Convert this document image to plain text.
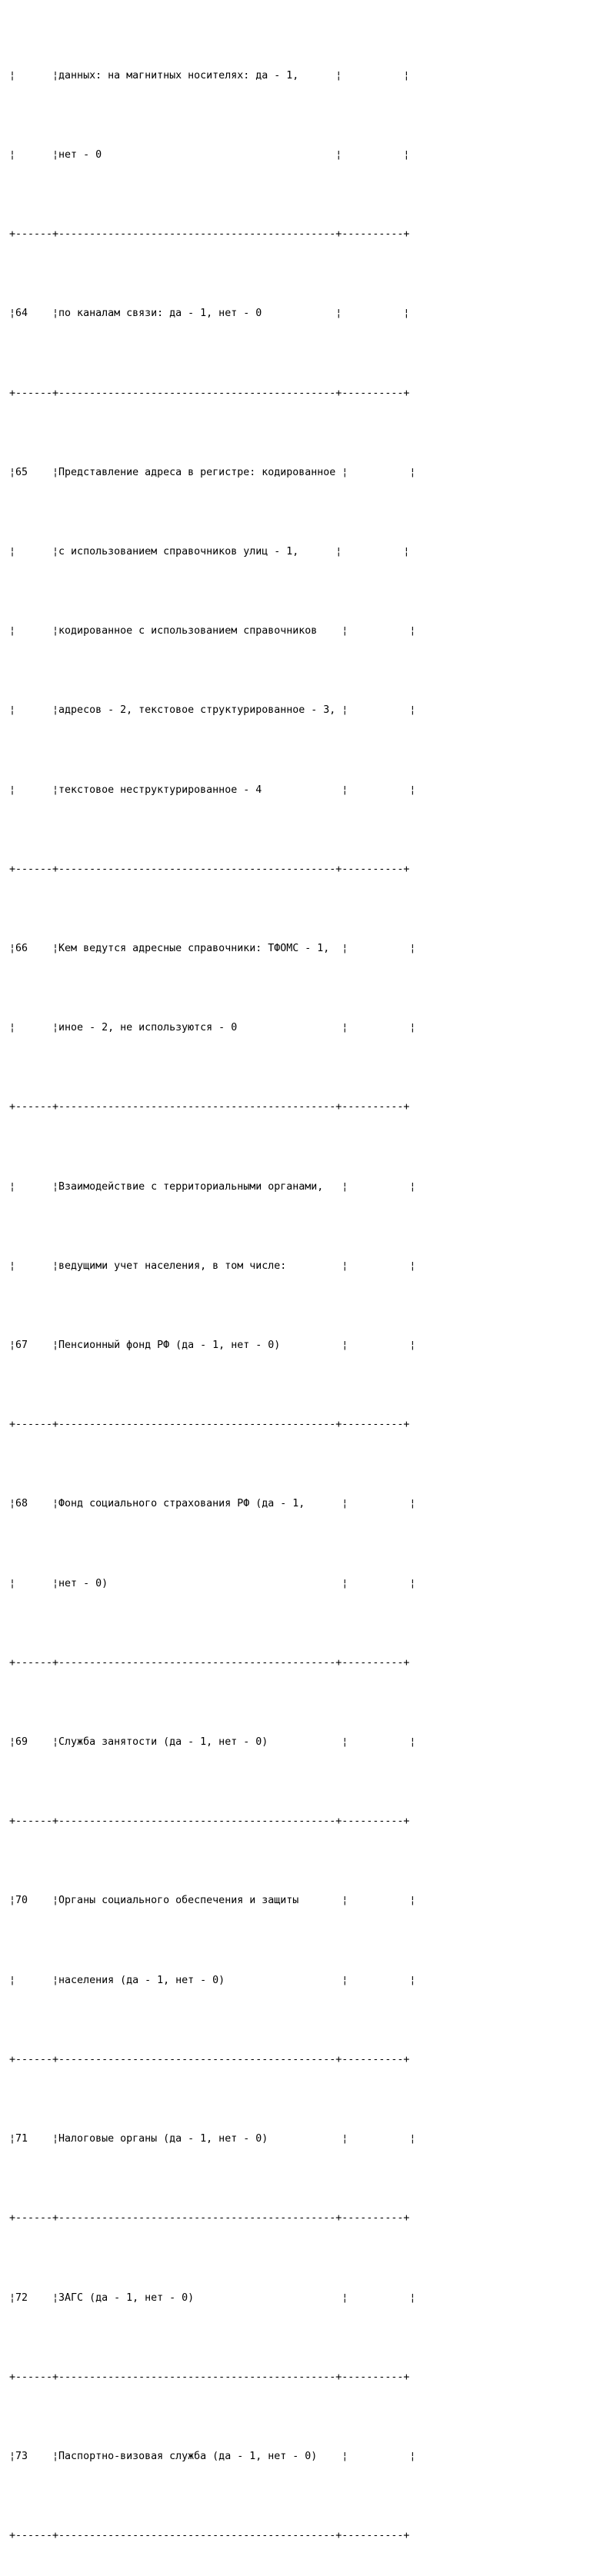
¦      ¦данных: на магнитных носителях: да - 1,      ¦          ¦

¦      ¦нет - 0                                      ¦          ¦

+------+---------------------------------------------+----------+

¦64    ¦по каналам связи: да - 1, нет - 0            ¦          ¦

+------+---------------------------------------------+----------+

¦65    ¦Представление адреса в регистре: кодированное ¦          ¦

¦      ¦с использованием справочников улиц - 1,      ¦          ¦

¦      ¦кодированное с использованием справочников    ¦          ¦

¦      ¦адресов - 2, текстовое структурированное - 3, ¦          ¦

¦      ¦текстовое неструктурированное - 4             ¦          ¦

+------+---------------------------------------------+----------+

¦66    ¦Кем ведутся адресные справочники: ТФОМС - 1,  ¦          ¦

¦      ¦иное - 2, не используются - 0                 ¦          ¦

+------+---------------------------------------------+----------+

¦      ¦Взаимодействие с территориальными органами,   ¦          ¦

¦      ¦ведущими учет населения, в том числе:         ¦          ¦

¦67    ¦Пенсионный фонд РФ (да - 1, нет - 0)          ¦          ¦

+------+---------------------------------------------+----------+

¦68    ¦Фонд социального страхования РФ (да - 1,      ¦          ¦

¦      ¦нет - 0)                                      ¦          ¦

+------+---------------------------------------------+----------+

¦69    ¦Служба занятости (да - 1, нет - 0)            ¦          ¦

+------+---------------------------------------------+----------+

¦70    ¦Органы социального обеспечения и защиты       ¦          ¦

¦      ¦населения (да - 1, нет - 0)                   ¦          ¦

+------+---------------------------------------------+----------+

¦71    ¦Налоговые органы (да - 1, нет - 0)            ¦          ¦

+------+---------------------------------------------+----------+

¦72    ¦ЗАГС (да - 1, нет - 0)                        ¦          ¦

+------+---------------------------------------------+----------+

¦73    ¦Паспортно-визовая служба (да - 1, нет - 0)    ¦          ¦

+------+---------------------------------------------+----------+
